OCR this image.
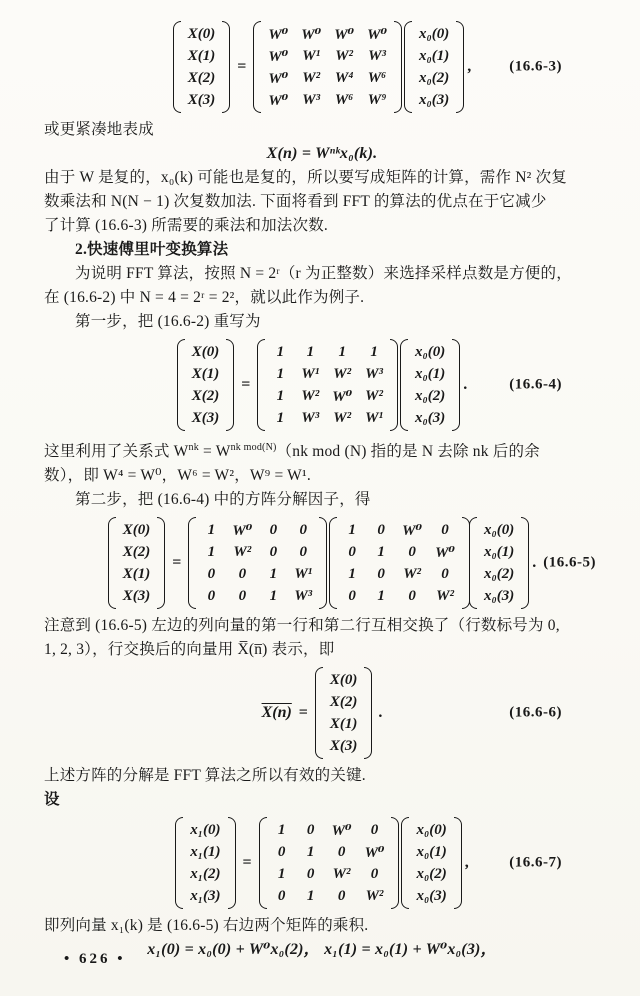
X(0)
X(1)
X(2)
X(3)
=
W⁰ W⁰ W⁰ W⁰
W⁰ W¹ W² W³
W⁰ W² W⁴ W⁶
W⁰ W³ W⁶ W⁹
x₀(0)
x₀(1)
x₀(2)
x₀(3)
,	(16.6-3)
或更紧凑地表成
X(n) = Wⁿᵏx₀(k).
由于 W 是复的，x₀(k) 可能也是复的，所以要写成矩阵的计算，需作 N² 次复
数乘法和 N(N − 1) 次复数加法. 下面将看到 FFT 的算法的优点在于它减少
了计算 (16.6-3) 所需要的乘法和加法次数.
2.快速傅里叶变换算法
为说明 FFT 算法，按照 N = 2ʳ（r 为正整数）来选择采样点数是方便的，
在 (16.6-2) 中 N = 4 = 2ʳ = 2²，就以此作为例子.
第一步，把 (16.6-2) 重写为
X(0)
X(1)
X(2)
X(3)
=
1	1	1	1
1 W¹ W² W³
1 W² W⁰ W²
1 W³ W² W¹
x₀(0)
x₀(1)
x₀(2)
x₀(3)
.	(16.6-4)
这里利用了关系式 $W^{nk} = W^{nk mod(N)}(nk$ mod (N) 指的是 N 去除 nk 后的余
数），即 W⁴ = W⁰，W⁶ = W²，W⁹ = W¹.
第二步，把 (16.6-4) 中的方阵分解因子，得
X(0)
X(2)
X(1)
X(3)
=
1 W⁰ 0	0
1 W² 0	0
0	0	1 W¹
0	0	1 W³
1 0 W⁰	0
0 1	0	W⁰
1 0 W²	0
0 1	0	W²
x₀(0)
x₀(1)
x₀(2)
x₀(3)
. (16.6-5)
注意到 (16.6-5) 左边的列向量的第一行和第二行互相交换了（行数标号为 0,
1, 2, 3），行交换后的向量用 X̅(n̅) 表示，即
X(n) =
X(0)
X(2)
X(1)
X(3)
.	(16.6-6)
上述方阵的分解是 FFT 算法之所以有效的关键.
设
x₁(0)
x₁(1)
x₁(2)
x₁(3)
=
1 0 W⁰	0
0 1	0	W⁰
1 0 W²	0
0 1	0	W²
x₀(0)
x₀(1)
x₀(2)
x₀(3)
,	(16.6-7)
即列向量 x₁(k) 是 (16.6-5) 右边两个矩阵的乘积.
x₁(0) = x₀(0) + W⁰x₀(2)， x₁(1) = x₀(1) + W⁰x₀(3)，
• 626 •
